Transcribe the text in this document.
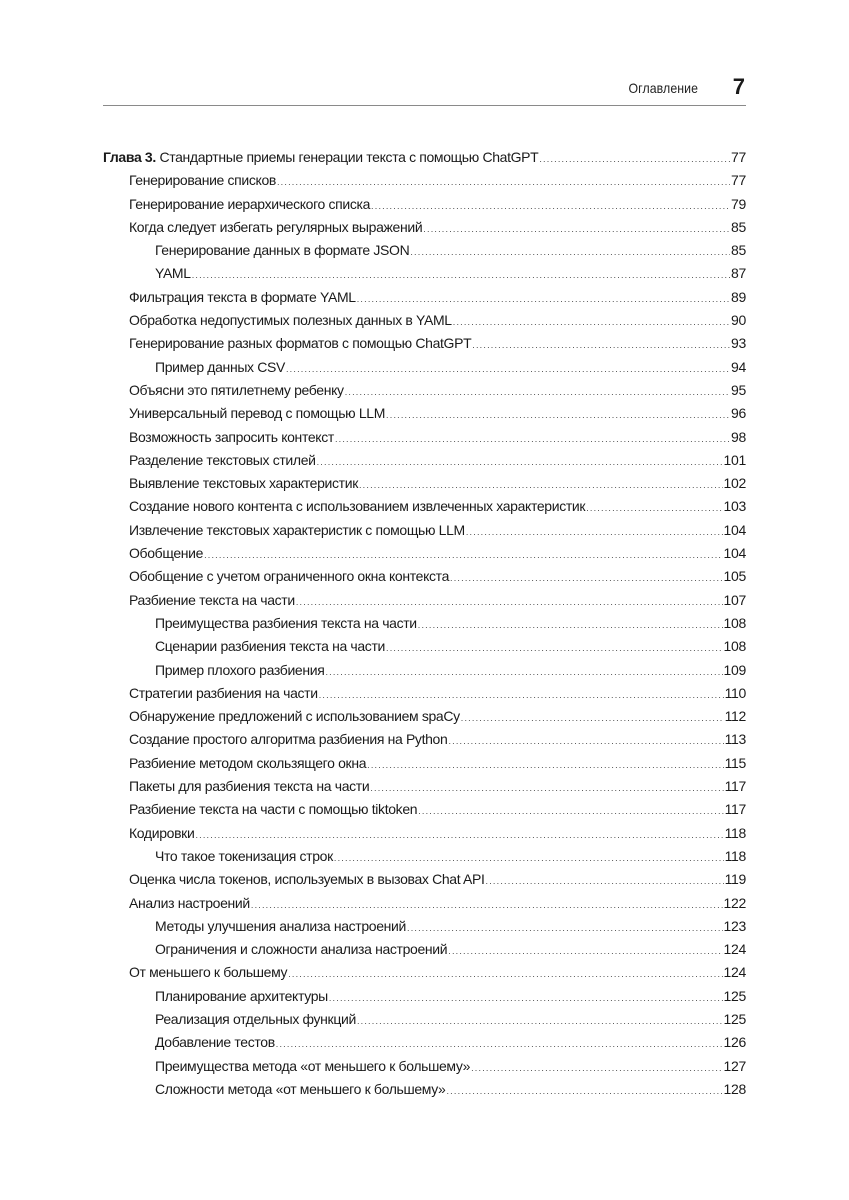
Оглавление 7
Глава 3. Стандартные приемы генерации текста с помощью ChatGPT .....	77
Генерирование списков .....	77
Генерирование иерархического списка .....	79
Когда следует избегать регулярных выражений .....	85
Генерирование данных в формате JSON .....	85
YAML .....	87
Фильтрация текста в формате YAML .....	89
Обработка недопустимых полезных данных в YAML .....	90
Генерирование разных форматов с помощью ChatGPT .....	93
Пример данных CSV .....	94
Объясни это пятилетнему ребенку .....	95
Универсальный перевод с помощью LLM .....	96
Возможность запросить контекст .....	98
Разделение текстовых стилей .....	101
Выявление текстовых характеристик .....	102
Создание нового контента с использованием извлеченных характеристик .....	103
Извлечение текстовых характеристик с помощью LLM .....	104
Обобщение .....	104
Обобщение с учетом ограниченного окна контекста .....	105
Разбиение текста на части .....	107
Преимущества разбиения текста на части .....	108
Сценарии разбиения текста на части .....	108
Пример плохого разбиения .....	109
Стратегии разбиения на части .....	110
Обнаружение предложений с использованием spaCy .....	112
Создание простого алгоритма разбиения на Python .....	113
Разбиение методом скользящего окна .....	115
Пакеты для разбиения текста на части .....	117
Разбиение текста на части с помощью tiktoken .....	117
Кодировки .....	118
Что такое токенизация строк .....	118
Оценка числа токенов, используемых в вызовах Chat API .....	119
Анализ настроений .....	122
Методы улучшения анализа настроений .....	123
Ограничения и сложности анализа настроений .....	124
От меньшего к большему .....	124
Планирование архитектуры .....	125
Реализация отдельных функций .....	125
Добавление тестов .....	126
Преимущества метода «от меньшего к большему» .....	127
Сложности метода «от меньшего к большему» .....	128
